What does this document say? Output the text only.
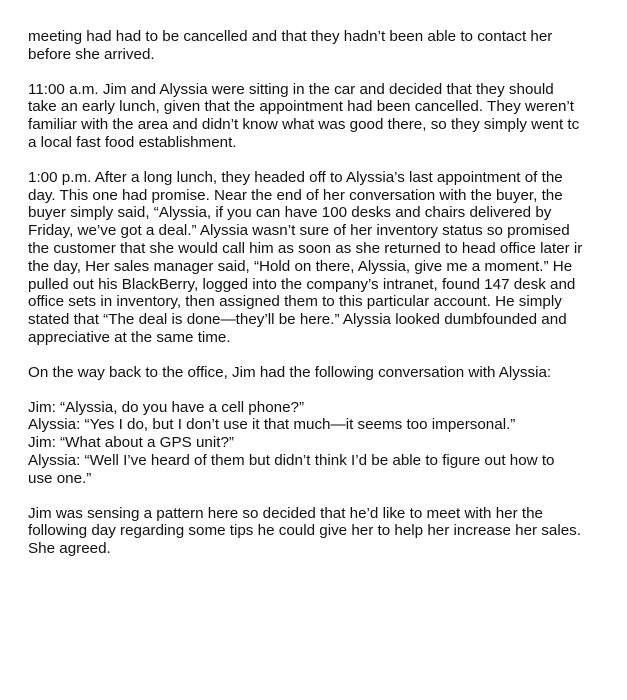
meeting had had to be cancelled and that they hadn’t been able to contact her
before she arrived.

11:00 a.m. Jim and Alyssia were sitting in the car and decided that they should
take an early lunch, given that the appointment had been cancelled. They weren’t
familiar with the area and didn’t know what was good there, so they simply went tc
a local fast food establishment.

1:00 p.m. After a long lunch, they headed off to Alyssia’s last appointment of the
day. This one had promise. Near the end of her conversation with the buyer, the
buyer simply said, “Alyssia, if you can have 100 desks and chairs delivered by
Friday, we’ve got a deal.” Alyssia wasn’t sure of her inventory status so promised
the customer that she would call him as soon as she returned to head office later ir
the day, Her sales manager said, “Hold on there, Alyssia, give me a moment.” He
pulled out his BlackBerry, logged into the company’s intranet, found 147 desk and
office sets in inventory, then assigned them to this particular account. He simply
stated that “The deal is done—they’ll be here.” Alyssia looked dumbfounded and
appreciative at the same time.

On the way back to the office, Jim had the following conversation with Alyssia:

Jim: “Alyssia, do you have a cell phone?”
Alyssia: “Yes I do, but I don’t use it that much—it seems too impersonal.”
Jim: “What about a GPS unit?”
Alyssia: “Well I’ve heard of them but didn’t think I’d be able to figure out how to
use one.”

Jim was sensing a pattern here so decided that he’d like to meet with her the
following day regarding some tips he could give her to help her increase her sales.
She agreed.
